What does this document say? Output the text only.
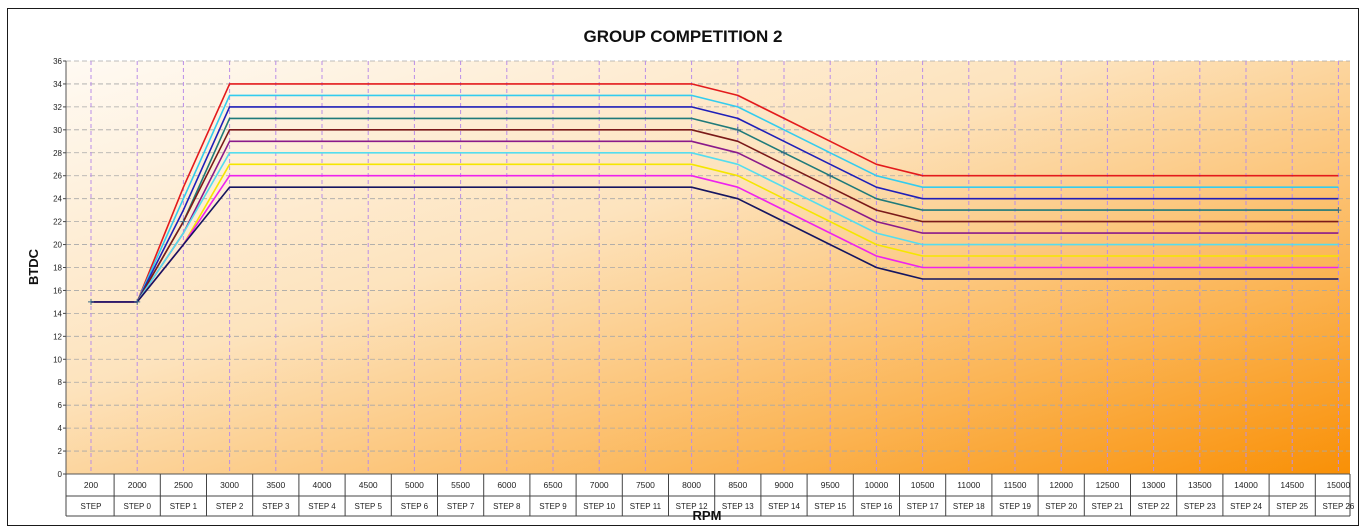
GROUP COMPETITION 2
0
2
4
6
8
10
12
14
16
18
20
22
24
26
28
30
32
34
36
200
STEP
2000
STEP 0
2500
STEP 1
3000
STEP 2
3500
STEP 3
4000
STEP 4
4500
STEP 5
5000
STEP 6
5500
STEP 7
6000
STEP 8
6500
STEP 9
7000
STEP 10
7500
STEP 11
8000
STEP 12
8500
STEP 13
9000
STEP 14
9500
STEP 15
10000
STEP 16
10500
STEP 17
11000
STEP 18
11500
STEP 19
12000
STEP 20
12500
STEP 21
13000
STEP 22
13500
STEP 23
14000
STEP 24
14500
STEP 25
15000
STEP 26
BTDC
RPM
